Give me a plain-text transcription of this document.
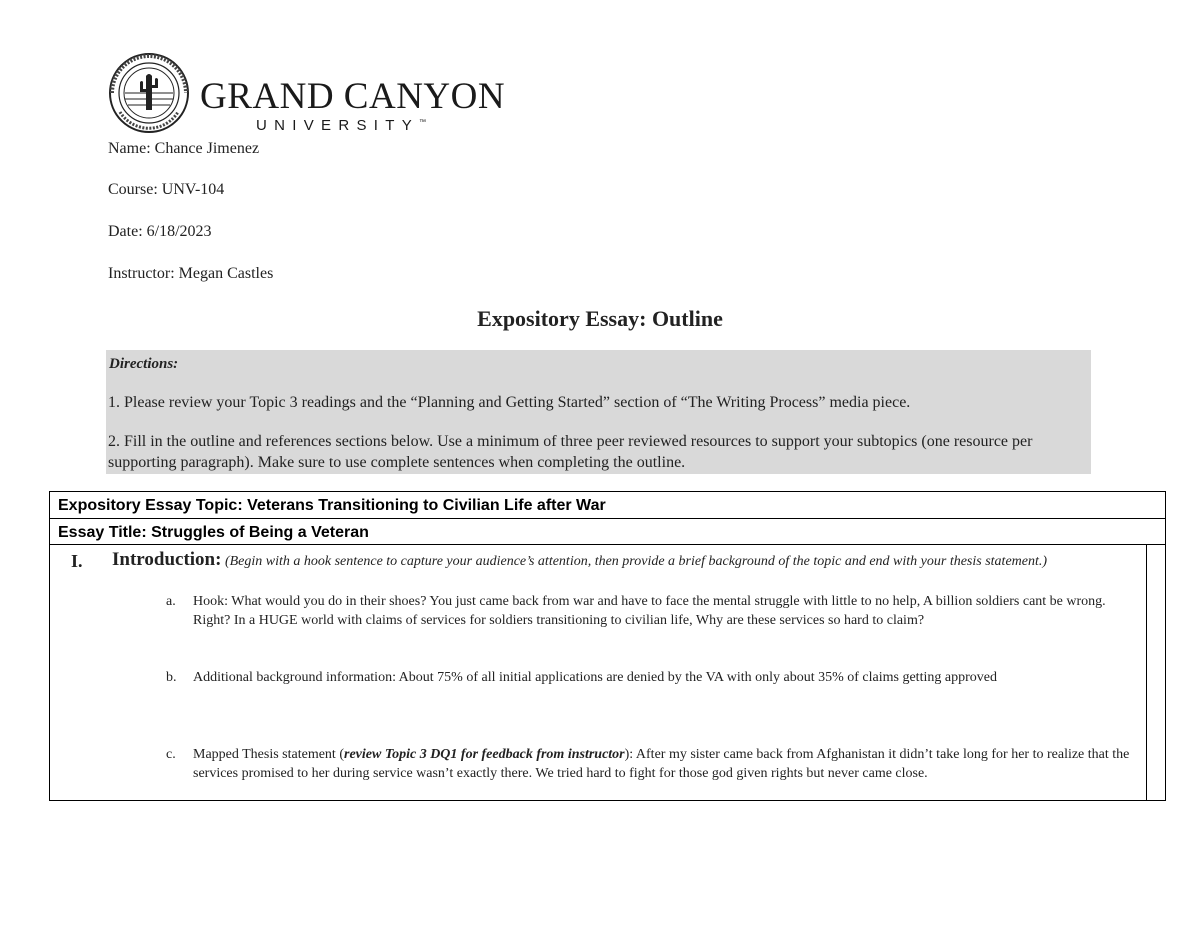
GRAND CANYON
UNIVERSITY™
Name: Chance Jimenez
Course: UNV-104
Date: 6/18/2023
Instructor: Megan Castles
Expository Essay: Outline
Directions:
1. Please review your Topic 3 readings and the “Planning and Getting Started” section of “The Writing Process” media piece.
2. Fill in the outline and references sections below. Use a minimum of three peer reviewed resources to support your subtopics (one resource per supporting paragraph). Make sure to use complete sentences when completing the outline.
Expository Essay Topic: Veterans Transitioning to Civilian Life after War
Essay Title: Struggles of Being a Veteran
I. Introduction: (Begin with a hook sentence to capture your audience’s attention, then provide a brief background of the topic and end with your thesis statement.)
a. Hook: What would you do in their shoes? You just came back from war and have to face the mental struggle with little to no help, A billion soldiers cant be wrong. Right? In a HUGE world with claims of services for soldiers transitioning to civilian life, Why are these services so hard to claim?
b. Additional background information: About 75% of all initial applications are denied by the VA with only about 35% of claims getting approved
c. Mapped Thesis statement (review Topic 3 DQ1 for feedback from instructor): After my sister came back from Afghanistan it didn’t take long for her to realize that the services promised to her during service wasn’t exactly there. We tried hard to fight for those god given rights but never came close.
